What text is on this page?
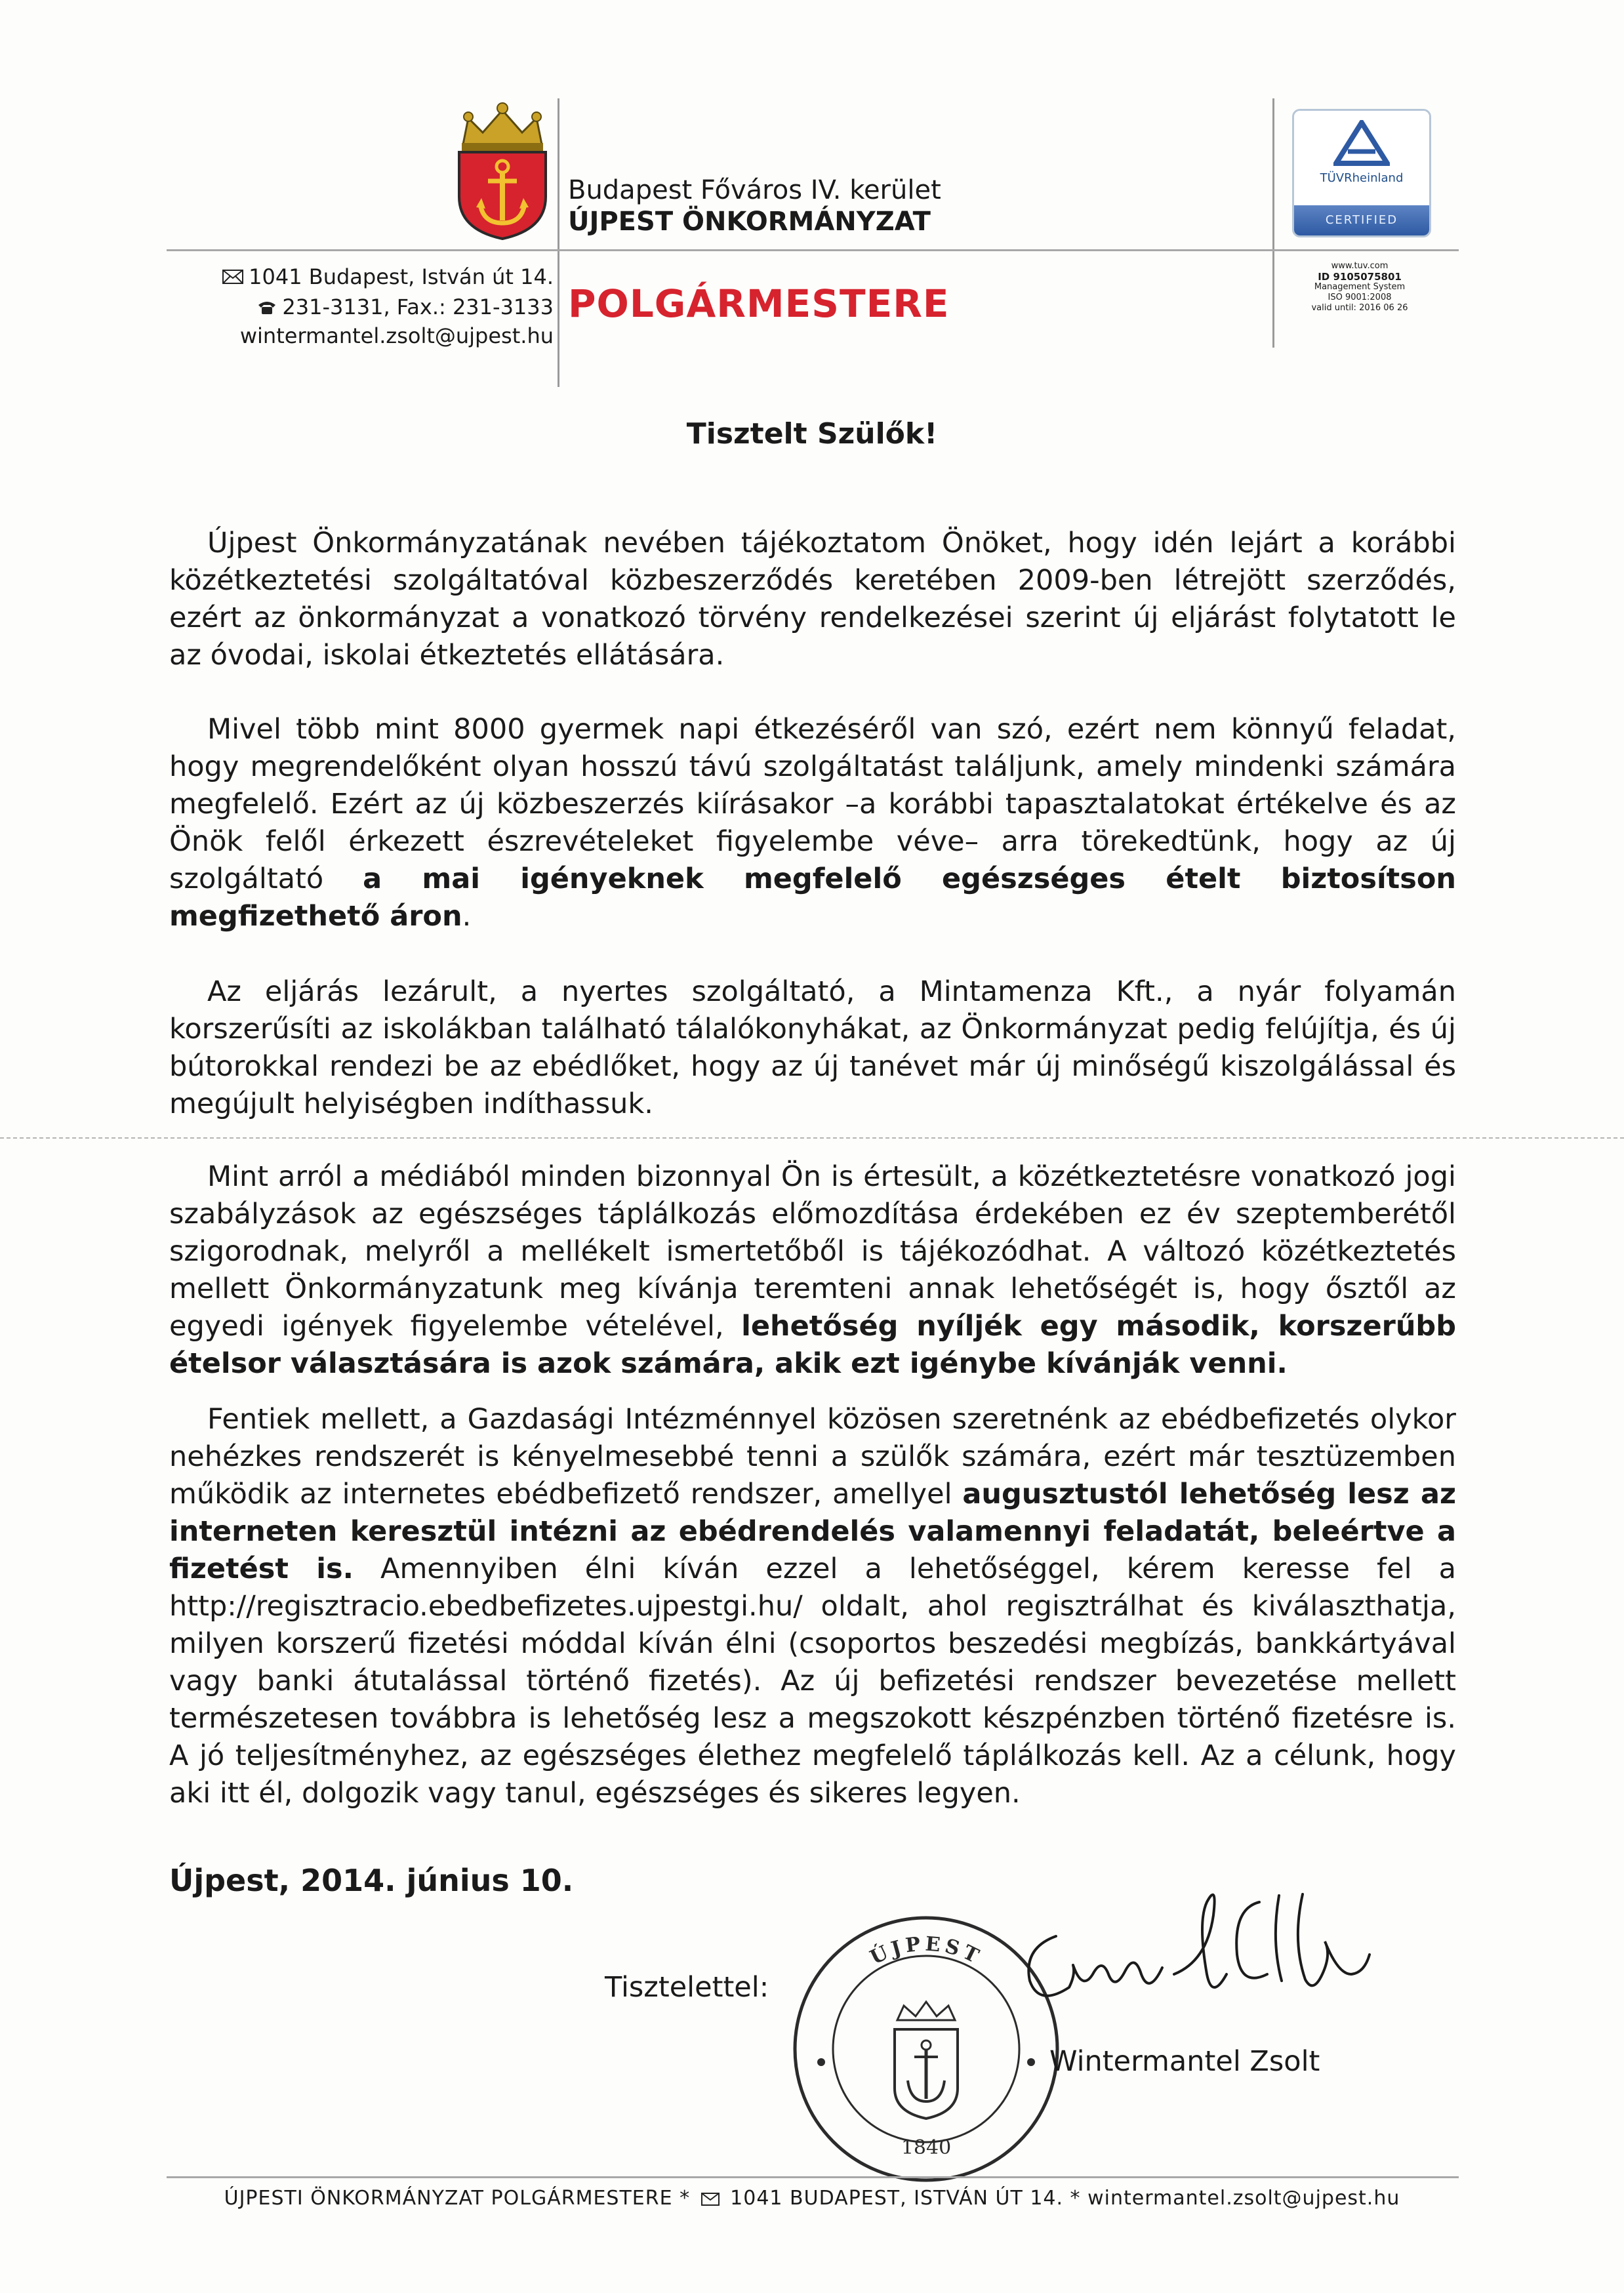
Budapest Főváros IV. kerület
ÚJPEST ÖNKORMÁNYZAT
POLGÁRMESTERE
1041 Budapest, István út 14.
231-3131, Fax.: 231-3133
wintermantel.zsolt@ujpest.hu
TÜVRheinland
CERTIFIED
www.tuv.com
ID 9105075801
Management System
ISO 9001:2008
valid until: 2016 06 26
Tisztelt Szülők!

Újpest Önkormányzatának nevében tájékoztatom Önöket, hogy idén lejárt a korábbi közétkeztetési szolgáltatóval közbeszerződés keretében 2009-ben létrejött szerződés, ezért az önkormányzat a vonatkozó törvény rendelkezései szerint új eljárást folytatott le az óvodai, iskolai étkeztetés ellátására.

Mivel több mint 8000 gyermek napi étkezéséről van szó, ezért nem könnyű feladat, hogy megrendelőként olyan hosszú távú szolgáltatást találjunk, amely mindenki számára megfelelő. Ezért az új közbeszerzés kiírásakor –a korábbi tapasztalatokat értékelve és az Önök felől érkezett észrevételeket figyelembe véve– arra törekedtünk, hogy az új szolgáltató a mai igényeknek megfelelő egészséges ételt biztosítson megfizethető áron.

Az eljárás lezárult, a nyertes szolgáltató, a Mintamenza Kft., a nyár folyamán korszerűsíti az iskolákban található tálalókonyhákat, az Önkormányzat pedig felújítja, és új bútorokkal rendezi be az ebédlőket, hogy az új tanévet már új minőségű kiszolgálással és megújult helyiségben indíthassuk.

Mint arról a médiából minden bizonnyal Ön is értesült, a közétkeztetésre vonatkozó jogi szabályzások az egészséges táplálkozás előmozdítása érdekében ez év szeptemberétől szigorodnak, melyről a mellékelt ismertetőből is tájékozódhat. A változó közétkeztetés mellett Önkormányzatunk meg kívánja teremteni annak lehetőségét is, hogy ősztől az egyedi igények figyelembe vételével, lehetőség nyíljék egy második, korszerűbb ételsor választására is azok számára, akik ezt igénybe kívánják venni.

Fentiek mellett, a Gazdasági Intézménnyel közösen szeretnénk az ebédbefizetés olykor nehézkes rendszerét is kényelmesebbé tenni a szülők számára, ezért már tesztüzemben működik az internetes ebédbefizető rendszer, amellyel augusztustól lehetőség lesz az interneten keresztül intézni az ebédrendelés valamennyi feladatát, beleértve a fizetést is. Amennyiben élni kíván ezzel a lehetőséggel, kérem keresse fel a http://regisztracio.ebedbefizetes.ujpestgi.hu/ oldalt, ahol regisztrálhat és kiválaszthatja, milyen korszerű fizetési móddal kíván élni (csoportos beszedési megbízás, bankkártyával vagy banki átutalással történő fizetés). Az új befizetési rendszer bevezetése mellett természetesen továbbra is lehetőség lesz a megszokott készpénzben történő fizetésre is. A jó teljesítményhez, az egészséges élethez megfelelő táplálkozás kell. Az a célunk, hogy aki itt él, dolgozik vagy tanul, egészséges és sikeres legyen.

Újpest, 2014. június 10.
Tisztelettel:
ÚJPEST
1840
Wintermantel Zsolt
ÚJPESTI ÖNKORMÁNYZAT POLGÁRMESTERE * 1041 BUDAPEST, ISTVÁN ÚT 14. * wintermantel.zsolt@ujpest.hu
